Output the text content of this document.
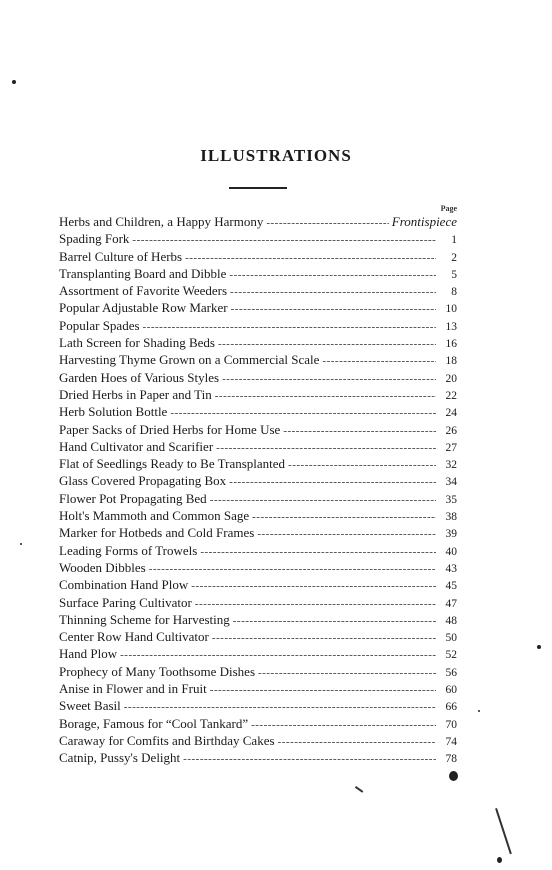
ILLUSTRATIONS
Page
Herbs and Children, a Happy Harmony -----	Frontispiece
Spading Fork -----	1
Barrel Culture of Herbs -----	2
Transplanting Board and Dibble -----	5
Assortment of Favorite Weeders -----	8
Popular Adjustable Row Marker -----	10
Popular Spades -----	13
Lath Screen for Shading Beds -----	16
Harvesting Thyme Grown on a Commercial Scale -----	18
Garden Hoes of Various Styles -----	20
Dried Herbs in Paper and Tin -----	22
Herb Solution Bottle -----	24
Paper Sacks of Dried Herbs for Home Use -----	26
Hand Cultivator and Scarifier -----	27
Flat of Seedlings Ready to Be Transplanted -----	32
Glass Covered Propagating Box -----	34
Flower Pot Propagating Bed -----	35
Holt's Mammoth and Common Sage -----	38
Marker for Hotbeds and Cold Frames -----	39
Leading Forms of Trowels -----	40
Wooden Dibbles -----	43
Combination Hand Plow -----	45
Surface Paring Cultivator -----	47
Thinning Scheme for Harvesting -----	48
Center Row Hand Cultivator -----	50
Hand Plow -----	52
Prophecy of Many Toothsome Dishes -----	56
Anise in Flower and in Fruit -----	60
Sweet Basil -----	66
Borage, Famous for “Cool Tankard” -----	70
Caraway for Comfits and Birthday Cakes -----	74
Catnip, Pussy's Delight -----	78
